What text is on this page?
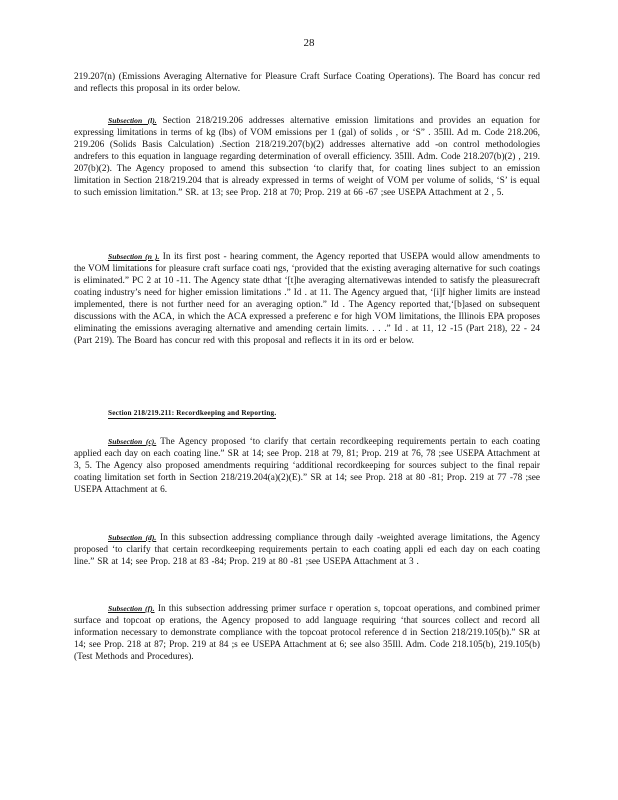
28

219.207(n) (Emissions Averaging Alternative for Pleasure Craft Surface Coating Operations). The Board has concur red and reflects this proposal in its order below.

Subsection (l). Section 218/219.206 addresses alternative emission limitations and provides an equation for expressing limitations in terms of kg (lbs) of VOM emissions per 1 (gal) of solids , or ‘S” . 35Ill. Ad m. Code 218.206, 219.206 (Solids Basis Calculation) .Section 218/219.207(b)(2) addresses alternative add -on control methodologies andrefers to this equation in language regarding determination of overall efficiency. 35Ill. Adm. Code 218.207(b)(2) , 219. 207(b)(2). The Agency proposed to amend this subsection ‘to clarify that, for coating lines subject to an emission limitation in Section 218/219.204 that is already expressed in terms of weight of VOM per volume of solids, ‘S’ is equal to such emission limitation.” SR. at 13; see Prop. 218 at 70; Prop. 219 at 66 -67 ;see USEPA Attachment at 2 , 5.

Subsection (n ). In its first post - hearing comment, the Agency reported that USEPA would allow amendments to the VOM limitations for pleasure craft surface coati ngs, ‘provided that the existing averaging alternative for such coatings is eliminated.” PC 2 at 10 -11. The Agency state dthat ‘[t]he averaging alternativewas intended to satisfy the pleasurecraft coating industry’s need for higher emission limitations .” Id . at 11. The Agency argued that, ‘[i]f higher limits are instead implemented, there is not further need for an averaging option.” Id . The Agency reported that,‘[b]ased on subsequent discussions with the ACA, in which the ACA expressed a preferenc e for high VOM limitations, the Illinois EPA proposes eliminating the emissions averaging alternative and amending certain limits. . . .” Id . at 11, 12 -15 (Part 218), 22 - 24 (Part 219). The Board has concur red with this proposal and reflects it in its ord er below.

Section 218/219.211: Recordkeeping and Reporting.

Subsection (c). The Agency proposed ‘to clarify that certain recordkeeping requirements pertain to each coating applied each day on each coating line.” SR at 14; see Prop. 218 at 79, 81; Prop. 219 at 76, 78 ;see USEPA Attachment at 3, 5. The Agency also proposed amendments requiring ‘additional recordkeeping for sources subject to the final repair coating limitation set forth in Section 218/219.204(a)(2)(E).” SR at 14; see Prop. 218 at 80 -81; Prop. 219 at 77 -78 ;see USEPA Attachment at 6.

Subsection (d). In this subsection addressing compliance through daily -weighted average limitations, the Agency proposed ‘to clarify that certain recordkeeping requirements pertain to each coating appli ed each day on each coating line.” SR at 14; see Prop. 218 at 83 -84; Prop. 219 at 80 -81 ;see USEPA Attachment at 3 .

Subsection (f). In this subsection addressing primer surface r operation s, topcoat operations, and combined primer surface and topcoat op erations, the Agency proposed to add language requiring ‘that sources collect and record all information necessary to demonstrate compliance with the topcoat protocol reference d in Section 218/219.105(b).” SR at 14; see Prop. 218 at 87; Prop. 219 at 84 ;s ee USEPA Attachment at 6; see also 35Ill. Adm. Code 218.105(b), 219.105(b) (Test Methods and Procedures).
